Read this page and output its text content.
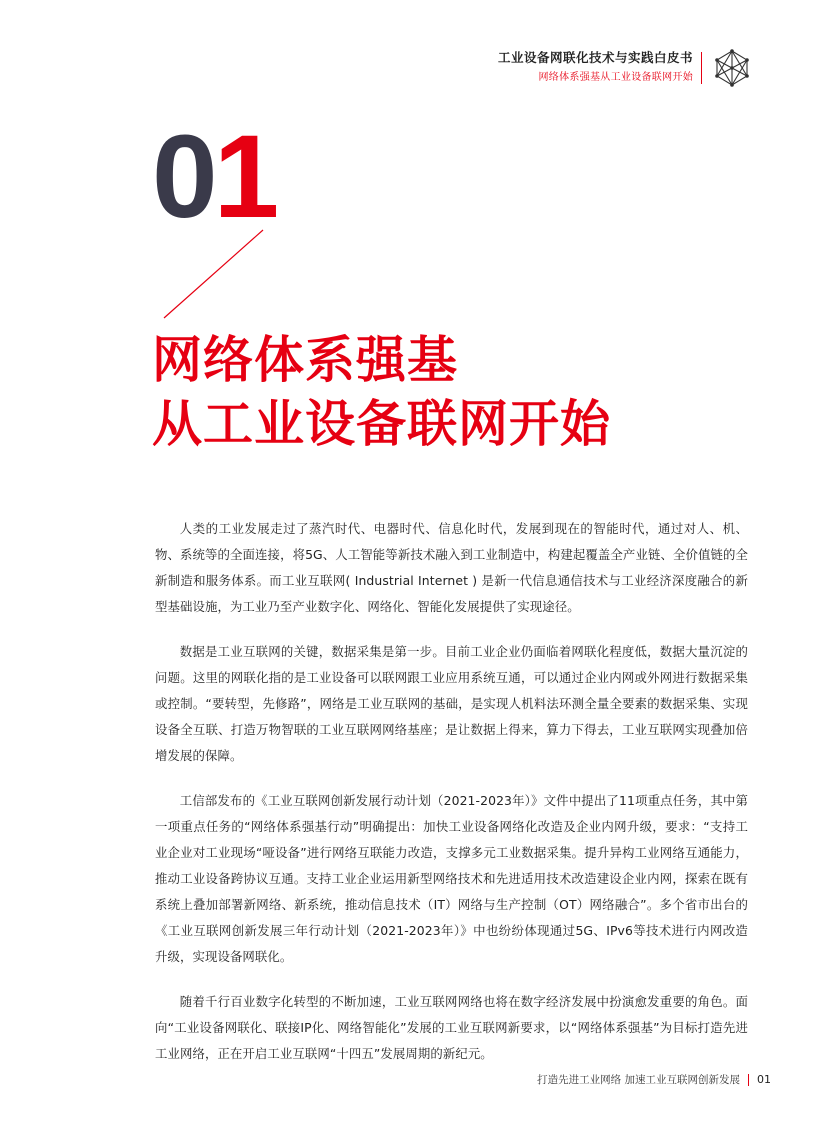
工业设备网联化技术与实践白皮书
网络体系强基从工业设备联网开始
01
网络体系强基
从工业设备联网开始

人类的工业发展走过了蒸汽时代、电器时代、信息化时代，发展到现在的智能时代，通过对人、机、物、系统等的全面连接，将5G、人工智能等新技术融入到工业制造中，构建起覆盖全产业链、全价值链的全新制造和服务体系。而工业互联网( Industrial Internet ) 是新一代信息通信技术与工业经济深度融合的新型基础设施，为工业乃至产业数字化、网络化、智能化发展提供了实现途径。

数据是工业互联网的关键，数据采集是第一步。目前工业企业仍面临着网联化程度低，数据大量沉淀的问题。这里的网联化指的是工业设备可以联网跟工业应用系统互通，可以通过企业内网或外网进行数据采集或控制。“要转型，先修路”，网络是工业互联网的基础，是实现人机料法环测全量全要素的数据采集、实现设备全互联、打造万物智联的工业互联网网络基座；是让数据上得来，算力下得去，工业互联网实现叠加倍增发展的保障。

工信部发布的《工业互联网创新发展行动计划（2021-2023年）》文件中提出了11项重点任务，其中第一项重点任务的“网络体系强基行动”明确提出：加快工业设备网络化改造及企业内网升级，要求：“支持工业企业对工业现场“哑设备”进行网络互联能力改造，支撑多元工业数据采集。提升异构工业网络互通能力，推动工业设备跨协议互通。支持工业企业运用新型网络技术和先进适用技术改造建设企业内网，探索在既有系统上叠加部署新网络、新系统，推动信息技术（IT）网络与生产控制（OT）网络融合”。多个省市出台的《工业互联网创新发展三年行动计划（2021-2023年）》中也纷纷体现通过5G、IPv6等技术进行内网改造升级，实现设备网联化。

随着千行百业数字化转型的不断加速，工业互联网网络也将在数字经济发展中扮演愈发重要的角色。面向“工业设备网联化、联接IP化、网络智能化”发展的工业互联网新要求，以“网络体系强基”为目标打造先进工业网络，正在开启工业互联网“十四五”发展周期的新纪元。

打造先进工业网络 加速工业互联网创新发展 01
